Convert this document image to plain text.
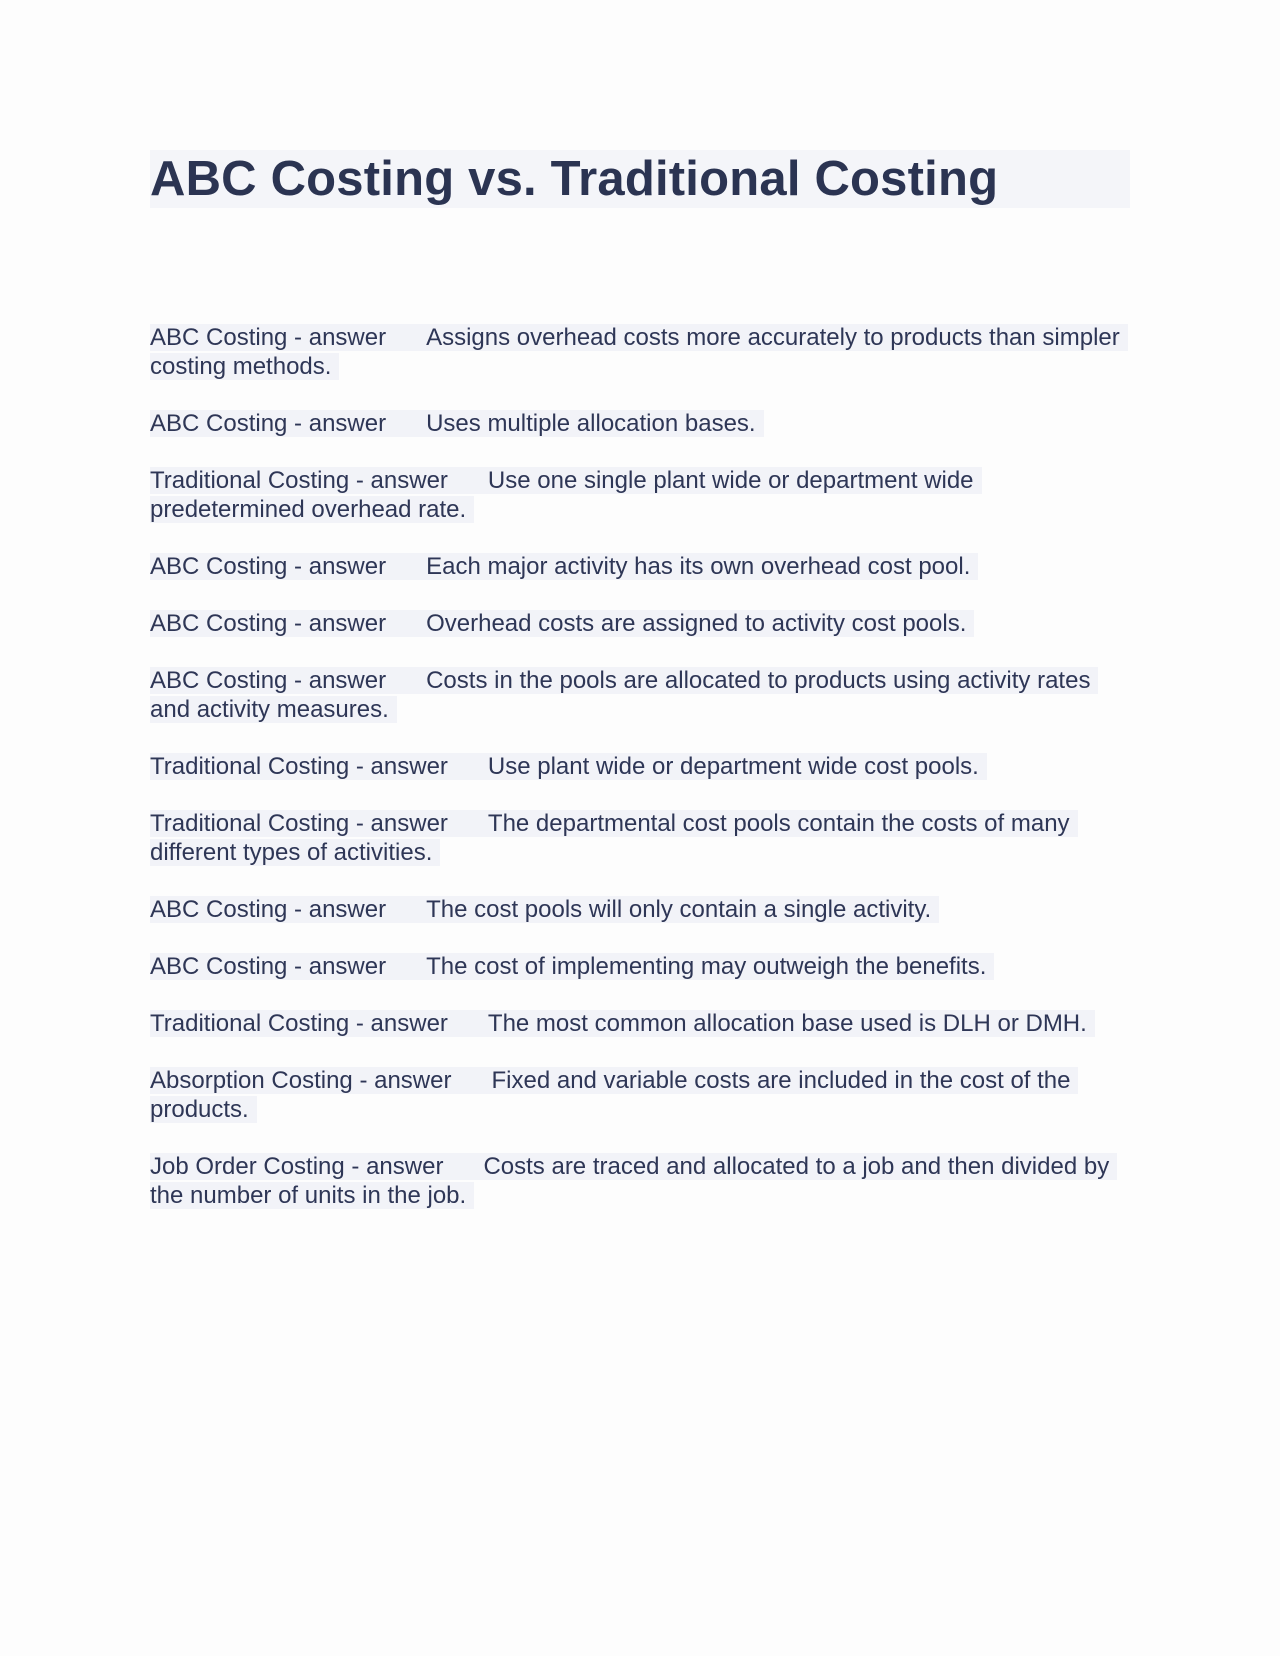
ABC Costing vs. Traditional Costing

ABC Costing - answer Assigns overhead costs more accurately to products than simpler costing methods.

ABC Costing - answer Uses multiple allocation bases.

Traditional Costing - answer Use one single plant wide or department wide predetermined overhead rate.

ABC Costing - answer Each major activity has its own overhead cost pool.

ABC Costing - answer Overhead costs are assigned to activity cost pools.

ABC Costing - answer Costs in the pools are allocated to products using activity rates and activity measures.

Traditional Costing - answer Use plant wide or department wide cost pools.

Traditional Costing - answer The departmental cost pools contain the costs of many different types of activities.

ABC Costing - answer The cost pools will only contain a single activity.

ABC Costing - answer The cost of implementing may outweigh the benefits.

Traditional Costing - answer The most common allocation base used is DLH or DMH.

Absorption Costing - answer Fixed and variable costs are included in the cost of the products.

Job Order Costing - answer Costs are traced and allocated to a job and then divided by the number of units in the job.
